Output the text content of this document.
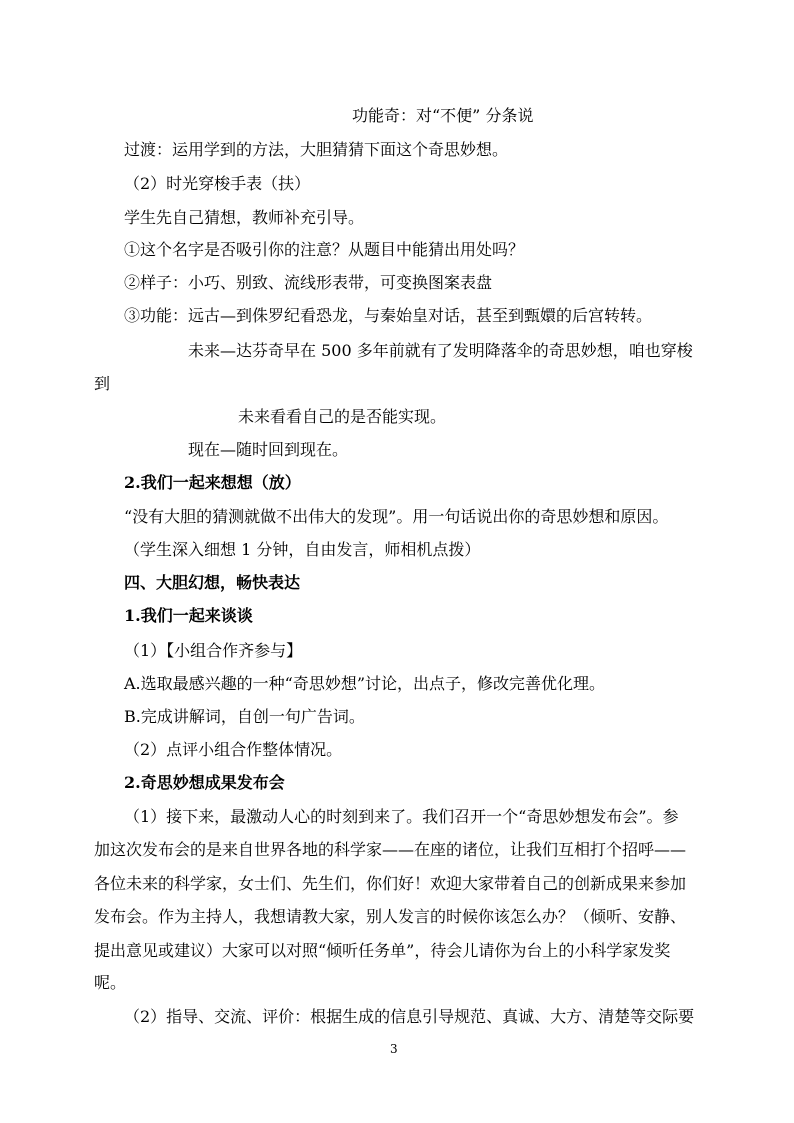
功能奇：对“不便” 分条说
过渡：运用学到的方法，大胆猜猜下面这个奇思妙想。
（2）时光穿梭手表（扶）
学生先自己猜想，教师补充引导。
①这个名字是否吸引你的注意？从题目中能猜出用处吗？
②样子：小巧、别致、流线形表带，可变换图案表盘
③功能：远古—到侏罗纪看恐龙，与秦始皇对话，甚至到甄嬛的后宫转转。
未来—达芬奇早在 500 多年前就有了发明降落伞的奇思妙想，咱也穿梭
到
未来看看自己的是否能实现。
现在—随时回到现在。
2.我们一起来想想（放）
“没有大胆的猜测就做不出伟大的发现”。用一句话说出你的奇思妙想和原因。
（学生深入细想 1 分钟，自由发言，师相机点拨）
四、大胆幻想，畅快表达
1.我们一起来谈谈
（1）【小组合作齐参与】
A.选取最感兴趣的一种“奇思妙想”讨论，出点子，修改完善优化理。
B.完成讲解词，自创一句广告词。
（2）点评小组合作整体情况。
2.奇思妙想成果发布会
（1）接下来，最激动人心的时刻到来了。我们召开一个“奇思妙想发布会”。参
加这次发布会的是来自世界各地的科学家——在座的诸位，让我们互相打个招呼——
各位未来的科学家，女士们、先生们，你们好！欢迎大家带着自己的创新成果来参加
发布会。作为主持人，我想请教大家，别人发言的时候你该怎么办？（倾听、安静、
提出意见或建议）大家可以对照“倾听任务单”，待会儿请你为台上的小科学家发奖
呢。
（2）指导、交流、评价：根据生成的信息引导规范、真诚、大方、清楚等交际要
3
